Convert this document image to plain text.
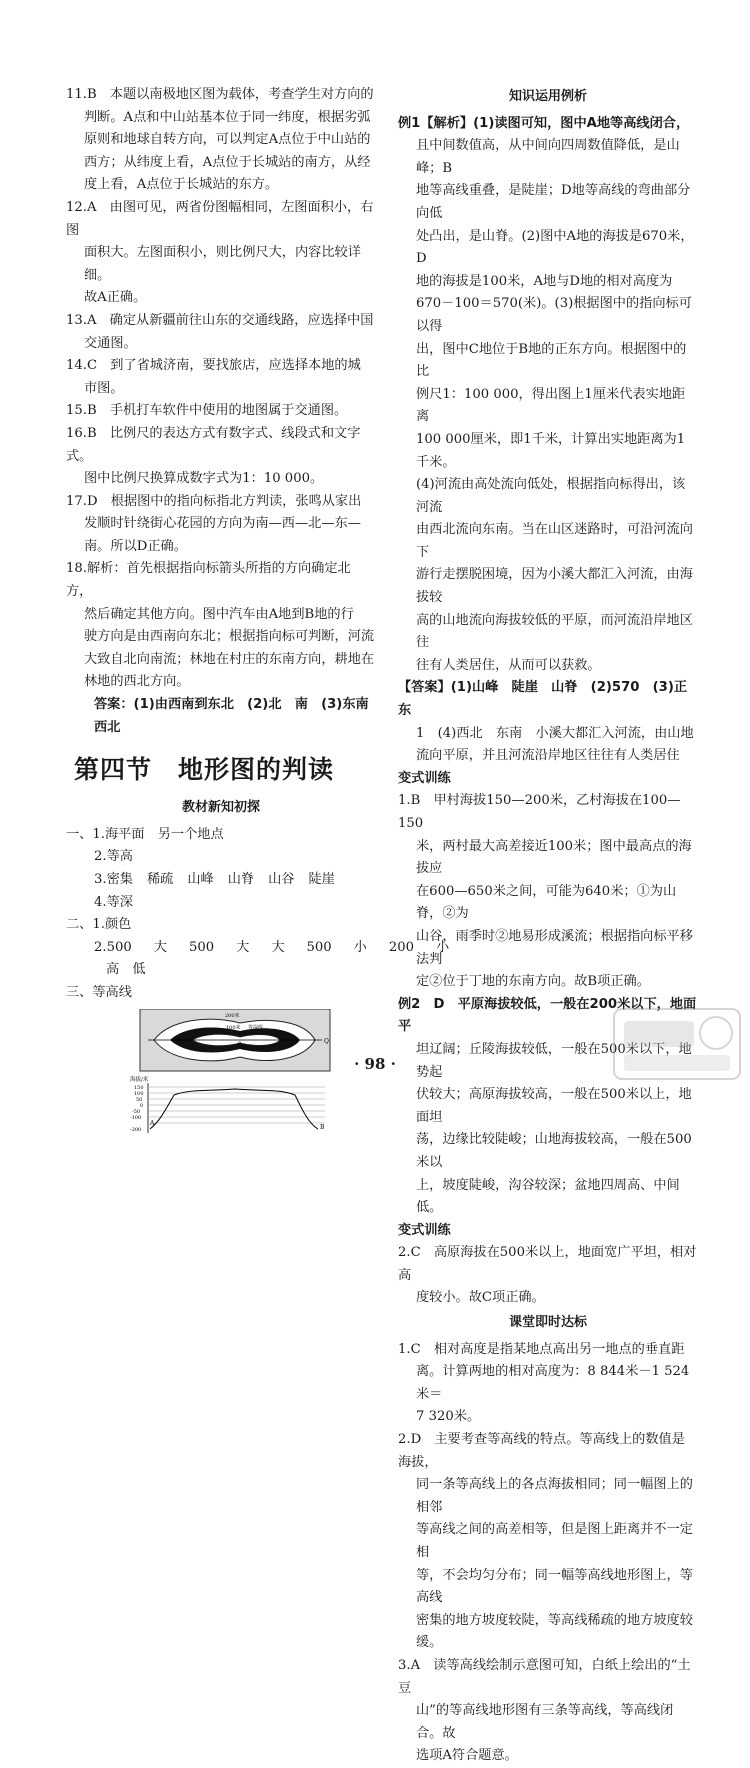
11.B　本题以南极地区图为载体，考查学生对方向的
判断。A点和中山站基本位于同一纬度，根据劣弧
原则和地球自转方向，可以判定A点位于中山站的
西方；从纬度上看，A点位于长城站的南方，从经
度上看，A点位于长城站的东方。
12.A　由图可见，两省份图幅相同，左图面积小，右图
面积大。左图面积小，则比例尺大，内容比较详细。
故A正确。
13.A　确定从新疆前往山东的交通线路，应选择中国
交通图。
14.C　到了省城济南，要找旅店，应选择本地的城
市图。
15.B　手机打车软件中使用的地图属于交通图。
16.B　比例尺的表达方式有数字式、线段式和文字式。
图中比例尺换算成数字式为1：10 000。
17.D　根据图中的指向标指北方判读，张鸣从家出
发顺时针绕街心花园的方向为南—西—北—东—
南。所以D正确。
18.解析：首先根据指向标箭头所指的方向确定北方，
然后确定其他方向。图中汽车由A地到B地的行
驶方向是由西南向东北；根据指向标可判断，河流
大致自北向南流；林地在村庄的东南方向，耕地在
林地的西北方向。
答案：(1)由西南到东北　(2)北　南　(3)东南
西北
第四节　地形图的判读
教材新知初探
一、1.海平面　另一个地点
2.等高
3.密集 稀疏 山峰 山脊 山谷 陡崖
4.等深
二、1.颜色
2.500 大 500 大 大 500 小 200 小
高　低
三、等高线
200米
100米 等深线
0	Q
海拔/米
150
100
50
0
-50
-100
-200
A
B
知识运用例析
例1【解析】(1)读图可知，图中A地等高线闭合，
且中间数值高，从中间向四周数值降低，是山峰；B
地等高线重叠，是陡崖；D地等高线的弯曲部分向低
处凸出，是山脊。(2)图中A地的海拔是670米，D
地的海拔是100米，A地与D地的相对高度为
670－100＝570(米)。(3)根据图中的指向标可以得
出，图中C地位于B地的正东方向。根据图中的比
例尺1：100 000，得出图上1厘米代表实地距离
100 000厘米，即1千米，计算出实地距离为1千米。
(4)河流由高处流向低处，根据指向标得出，该河流
由西北流向东南。当在山区迷路时，可沿河流向下
游行走摆脱困境，因为小溪大都汇入河流，由海拔较
高的山地流向海拔较低的平原，而河流沿岸地区往
往有人类居住，从而可以获救。
【答案】(1)山峰　陡崖　山脊　(2)570　(3)正东
1　(4)西北　东南　小溪大都汇入河流，由山地
流向平原，并且河流沿岸地区往往有人类居住
变式训练
1.B　甲村海拔150—200米，乙村海拔在100—150
米，两村最大高差接近100米；图中最高点的海拔应
在600—650米之间，可能为640米；①为山脊，②为
山谷，雨季时②地易形成溪流；根据指向标平移法判
定②位于丁地的东南方向。故B项正确。
例2　D　平原海拔较低，一般在200米以下，地面平
坦辽阔；丘陵海拔较低，一般在500米以下，地势起
伏较大；高原海拔较高，一般在500米以上，地面坦
荡，边缘比较陡峻；山地海拔较高，一般在500米以
上，坡度陡峻，沟谷较深；盆地四周高、中间低。
变式训练
2.C　高原海拔在500米以上，地面宽广平坦，相对高
度较小。故C项正确。
课堂即时达标
1.C　相对高度是指某地点高出另一地点的垂直距
离。计算两地的相对高度为：8 844米－1 524米＝
7 320米。
2.D　主要考查等高线的特点。等高线上的数值是海拔，
同一条等高线上的各点海拔相同；同一幅图上的相邻
等高线之间的高差相等，但是图上距离并不一定相
等，不会均匀分布；同一幅等高线地形图上，等高线
密集的地方坡度较陡，等高线稀疏的地方坡度较缓。
3.A　读等高线绘制示意图可知，白纸上绘出的“土豆
山”的等高线地形图有三条等高线，等高线闭合。故
选项A符合题意。
· 98 ·
